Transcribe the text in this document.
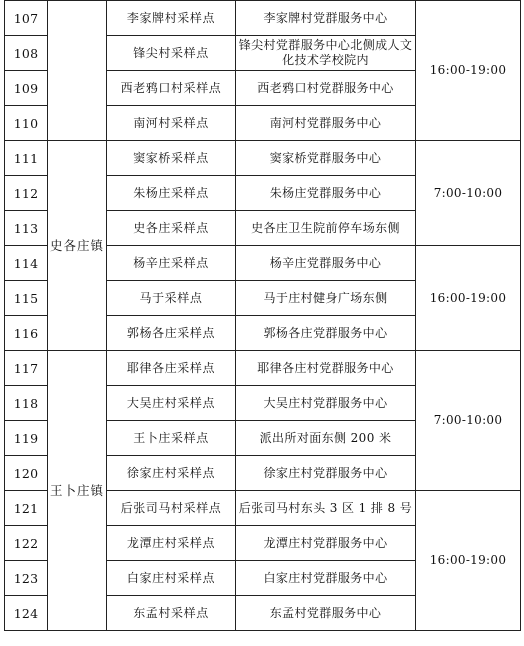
107		李家牌村采样点	李家牌村党群服务中心	16:00-19:00
108		锋尖村采样点	锋尖村党群服务中心北侧成人文化技术学校院内	
109		西老鸦口村采样点	西老鸦口村党群服务中心	
110		南河村采样点	南河村党群服务中心	
111	史各庄镇	窦家桥采样点	窦家桥党群服务中心	7:00-10:00
112		朱杨庄采样点	朱杨庄党群服务中心	
113		史各庄采样点	史各庄卫生院前停车场东侧	
114		杨辛庄采样点	杨辛庄党群服务中心	16:00-19:00
115		马于采样点	马于庄村健身广场东侧	
116		郭杨各庄采样点	郭杨各庄党群服务中心	
117	王卜庄镇	耶律各庄采样点	耶律各庄村党群服务中心	7:00-10:00
118		大吴庄村采样点	大吴庄村党群服务中心	
119		王卜庄采样点	派出所对面东侧 200 米	
120		徐家庄村采样点	徐家庄村党群服务中心	
121		后张司马村采样点	后张司马村东头 3 区 1 排 8 号	16:00-19:00
122		龙潭庄村采样点	龙潭庄村党群服务中心	
123		白家庄村采样点	白家庄村党群服务中心	
124		东孟村采样点	东孟村党群服务中心	
